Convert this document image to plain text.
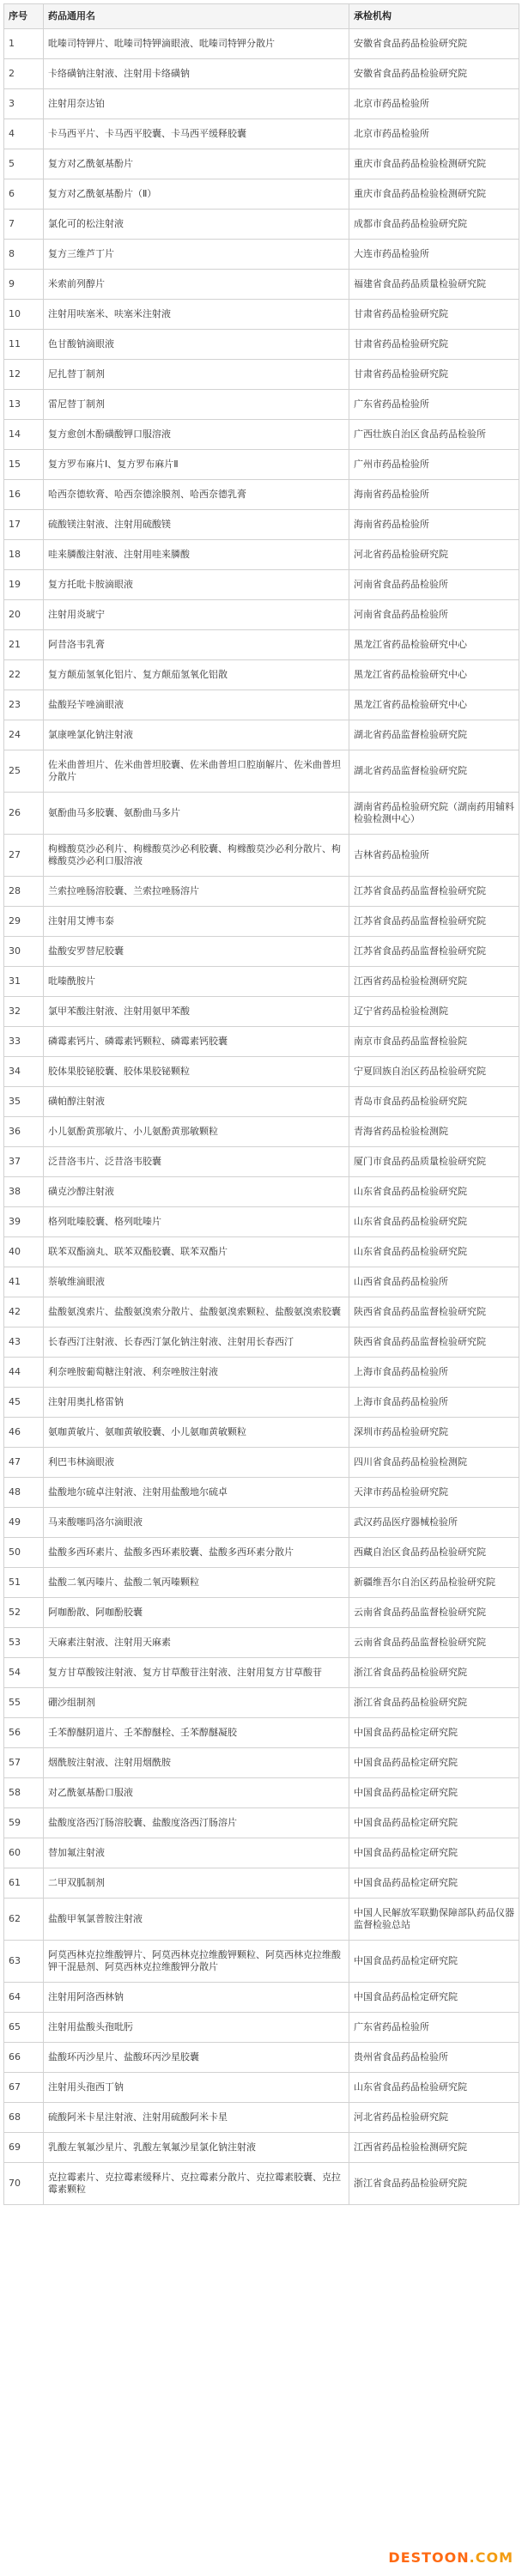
序号	药品通用名	承检机构
1	吡嗪司特钾片、吡嗪司特钾滴眼液、吡嗪司特钾分散片	安徽省食品药品检验研究院
2	卡络磺钠注射液、注射用卡络磺钠	安徽省食品药品检验研究院
3	注射用奈达铂	北京市药品检验所
4	卡马西平片、卡马西平胶囊、卡马西平缓释胶囊	北京市药品检验所
5	复方对乙酰氨基酚片	重庆市食品药品检验检测研究院
6	复方对乙酰氨基酚片（Ⅱ）	重庆市食品药品检验检测研究院
7	氯化可的松注射液	成都市食品药品检验研究院
8	复方三维芦丁片	大连市药品检验所
9	米索前列醇片	福建省食品药品质量检验研究院
10	注射用呋塞米、呋塞米注射液	甘肃省药品检验研究院
11	色甘酸钠滴眼液	甘肃省药品检验研究院
12	尼扎替丁制剂	甘肃省药品检验研究院
13	雷尼替丁制剂	广东省药品检验所
14	复方愈创木酚磺酸钾口服溶液	广西壮族自治区食品药品检验所
15	复方罗布麻片Ⅰ、复方罗布麻片Ⅱ	广州市药品检验所
16	哈西奈德软膏、哈西奈德涂膜剂、哈西奈德乳膏	海南省药品检验所
17	硫酸镁注射液、注射用硫酸镁	海南省药品检验所
18	哇来膦酸注射液、注射用哇来膦酸	河北省药品检验研究院
19	复方托吡卡胺滴眼液	河南省食品药品检验所
20	注射用炎琥宁	河南省食品药品检验所
21	阿昔洛韦乳膏	黑龙江省药品检验研究中心
22	复方颠茄氢氧化铝片、复方颠茄氢氧化铝散	黑龙江省药品检验研究中心
23	盐酸羟苄唑滴眼液	黑龙江省药品检验研究中心
24	氯康唑氯化钠注射液	湖北省药品监督检验研究院
25	佐米曲普坦片、佐米曲普坦胶囊、佐米曲普坦口腔崩解片、佐米曲普坦分散片	湖北省药品监督检验研究院
26	氨酚曲马多胶囊、氨酚曲马多片	湖南省药品检验研究院（湖南药用辅料检验检测中心）
27	枸橼酸莫沙必利片、枸橼酸莫沙必利胶囊、枸橼酸莫沙必利分散片、枸橼酸莫沙必利口服溶液	吉林省药品检验所
28	兰索拉唑肠溶胶囊、兰索拉唑肠溶片	江苏省食品药品监督检验研究院
29	注射用艾博韦泰	江苏省食品药品监督检验研究院
30	盐酸安罗替尼胶囊	江苏省食品药品监督检验研究院
31	吡嗪酰胺片	江西省药品检验检测研究院
32	氯甲苯酸注射液、注射用氨甲苯酸	辽宁省药品检验检测院
33	磷霉素钙片、磷霉素钙颗粒、磷霉素钙胶囊	南京市食品药品监督检验院
34	胶体果胶铋胶囊、胶体果胶铋颗粒	宁夏回族自治区药品检验研究院
35	磺帕醇注射液	青岛市食品药品检验研究院
36	小儿氨酚黄那敏片、小儿氨酚黄那敏颗粒	青海省药品检验检测院
37	泛昔洛韦片、泛昔洛韦胶囊	厦门市食品药品质量检验研究院
38	磺克沙醇注射液	山东省食品药品检验研究院
39	格列吡嗪胶囊、格列吡嗪片	山东省食品药品检验研究院
40	联苯双酯滴丸、联苯双酯胶囊、联苯双酯片	山东省食品药品检验研究院
41	萘敏维滴眼液	山西省食品药品检验所
42	盐酸氨溴索片、盐酸氨溴索分散片、盐酸氨溴索颗粒、盐酸氨溴索胶囊	陕西省食品药品监督检验研究院
43	长春西汀注射液、长春西汀氯化钠注射液、注射用长春西汀	陕西省食品药品监督检验研究院
44	利奈唑胺葡萄糖注射液、利奈唑胺注射液	上海市食品药品检验所
45	注射用奥扎格雷钠	上海市食品药品检验所
46	氨咖黄敏片、氨咖黄敏胶囊、小儿氨咖黄敏颗粒	深圳市药品检验研究院
47	利巴韦林滴眼液	四川省食品药品检验检测院
48	盐酸地尔硫卓注射液、注射用盐酸地尔硫卓	天津市药品检验研究院
49	马来酸噻吗洛尔滴眼液	武汉药品医疗器械检验所
50	盐酸多西环素片、盐酸多西环素胶囊、盐酸多西环素分散片	西藏自治区食品药品检验研究院
51	盐酸二氧丙嗪片、盐酸二氧丙嗪颗粒	新疆维吾尔自治区药品检验研究院
52	阿咖酚散、阿咖酚胶囊	云南省食品药品监督检验研究院
53	天麻素注射液、注射用天麻素	云南省食品药品监督检验研究院
54	复方甘草酸铵注射液、复方甘草酸苷注射液、注射用复方甘草酸苷	浙江省食品药品检验研究院
55	硼沙组制剂	浙江省食品药品检验研究院
56	壬苯醇醚阴道片、壬苯醇醚栓、壬苯醇醚凝胶	中国食品药品检定研究院
57	烟酰胺注射液、注射用烟酰胺	中国食品药品检定研究院
58	对乙酰氨基酚口服液	中国食品药品检定研究院
59	盐酸度洛西汀肠溶胶囊、盐酸度洛西汀肠溶片	中国食品药品检定研究院
60	替加氟注射液	中国食品药品检定研究院
61	二甲双胍制剂	中国食品药品检定研究院
62	盐酸甲氧氯普胺注射液	中国人民解放军联勤保障部队药品仪器监督检验总站
63	阿莫西林克拉维酸钾片、阿莫西林克拉维酸钾颗粒、阿莫西林克拉维酸钾干混悬剂、阿莫西林克拉维酸钾分散片	中国食品药品检定研究院
64	注射用阿洛西林钠	中国食品药品检定研究院
65	注射用盐酸头孢吡肟	广东省药品检验所
66	盐酸环丙沙星片、盐酸环丙沙星胶囊	贵州省食品药品检验所
67	注射用头孢西丁钠	山东省食品药品检验研究院
68	硫酸阿米卡星注射液、注射用硫酸阿米卡星	河北省药品检验研究院
69	乳酸左氧氟沙星片、乳酸左氧氟沙星氯化钠注射液	江西省药品检验检测研究院
70	克拉霉素片、克拉霉素缓释片、克拉霉素分散片、克拉霉素胶囊、克拉霉素颗粒	浙江省食品药品检验研究院
DESTOON.COM
